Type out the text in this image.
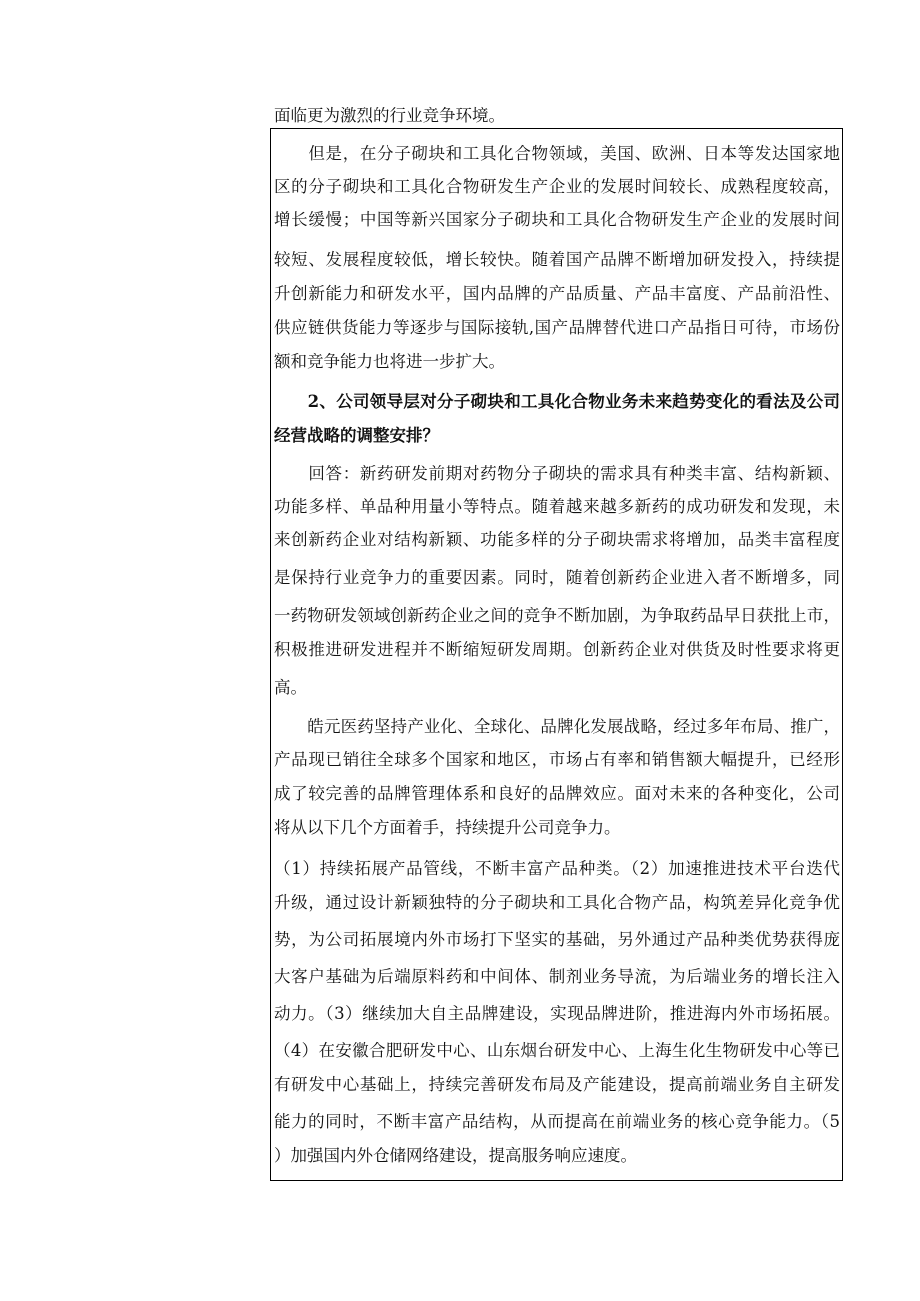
面临更为激烈的行业竞争环境。
　　但是，在分子砌块和工具化合物领域，美国、欧洲、日本等发达国家地
区的分子砌块和工具化合物研发生产企业的发展时间较长、成熟程度较高，
增长缓慢；中国等新兴国家分子砌块和工具化合物研发生产企业的发展时间
较短、发展程度较低，增长较快。随着国产品牌不断增加研发投入，持续提
升创新能力和研发水平，国内品牌的产品质量、产品丰富度、产品前沿性、
供应链供货能力等逐步与国际接轨,国产品牌替代进口产品指日可待，市场份
额和竞争能力也将进一步扩大。
　　2、公司领导层对分子砌块和工具化合物业务未来趋势变化的看法及公司
经营战略的调整安排？
　　回答：新药研发前期对药物分子砌块的需求具有种类丰富、结构新颖、
功能多样、单品种用量小等特点。随着越来越多新药的成功研发和发现，未
来创新药企业对结构新颖、功能多样的分子砌块需求将增加，品类丰富程度
是保持行业竞争力的重要因素。同时，随着创新药企业进入者不断增多，同
一药物研发领域创新药企业之间的竞争不断加剧，为争取药品早日获批上市，
积极推进研发进程并不断缩短研发周期。创新药企业对供货及时性要求将更
高。
　　皓元医药坚持产业化、全球化、品牌化发展战略，经过多年布局、推广，
产品现已销往全球多个国家和地区，市场占有率和销售额大幅提升，已经形
成了较完善的品牌管理体系和良好的品牌效应。面对未来的各种变化，公司
将从以下几个方面着手，持续提升公司竞争力。
（1）持续拓展产品管线，不断丰富产品种类。（2）加速推进技术平台迭代
升级，通过设计新颖独特的分子砌块和工具化合物产品，构筑差异化竞争优
势，为公司拓展境内外市场打下坚实的基础，另外通过产品种类优势获得庞
大客户基础为后端原料药和中间体、制剂业务导流，为后端业务的增长注入
动力。（3）继续加大自主品牌建设，实现品牌进阶，推进海内外市场拓展。
（4）在安徽合肥研发中心、山东烟台研发中心、上海生化生物研发中心等已
有研发中心基础上，持续完善研发布局及产能建设，提高前端业务自主研发
能力的同时，不断丰富产品结构，从而提高在前端业务的核心竞争能力。（5
）加强国内外仓储网络建设，提高服务响应速度。
